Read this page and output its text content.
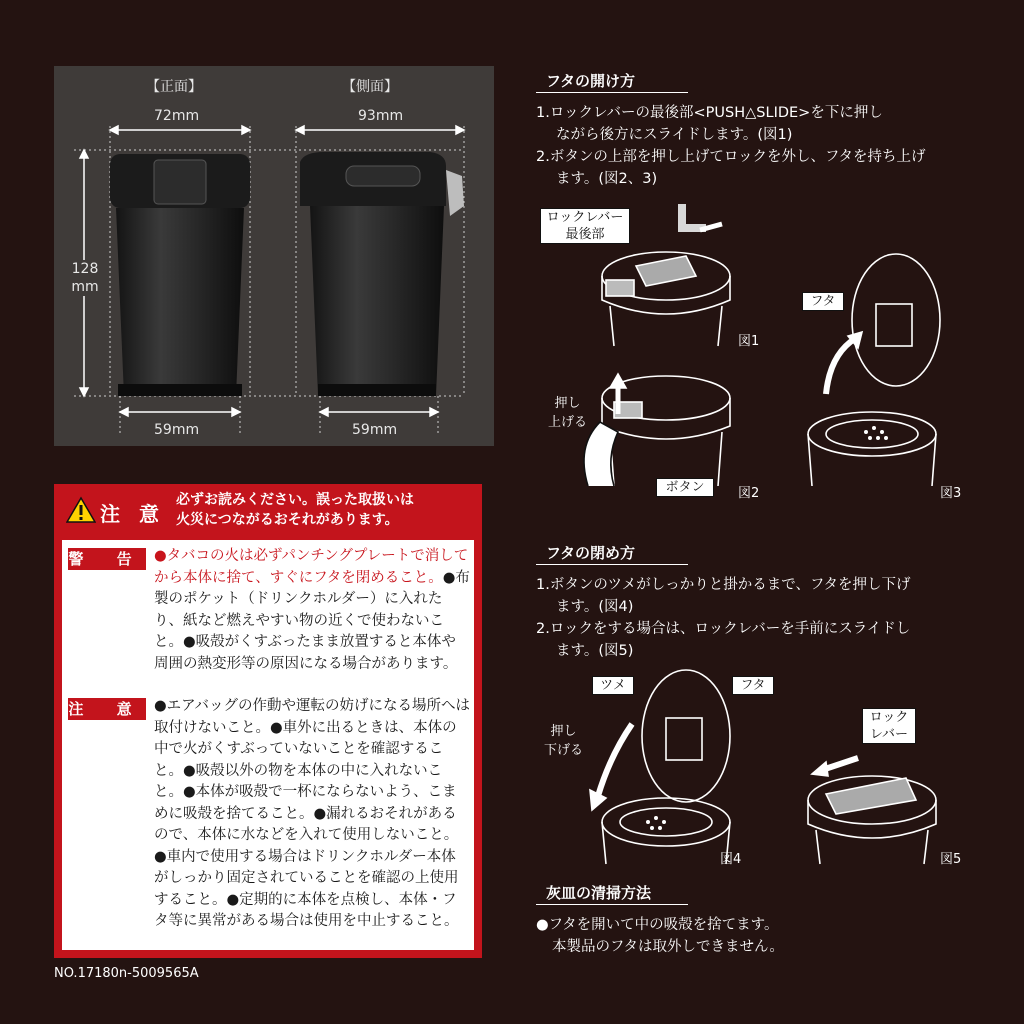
【正面】	【側面】
72mm	93mm
128
mm
59mm	59mm
注 意
必ずお読みください。誤った取扱いは
火災につながるおそれがあります。
警 告 ●タバコの火は必ずパンチングプレートで消してから本体に捨て、すぐにフタを閉めること。●布製のポケット（ドリンクホルダー）に入れたり、紙など燃えやすい物の近くで使わないこと。●吸殻がくすぶったまま放置すると本体や周囲の熱変形等の原因になる場合があります。
注 意 ●エアバッグの作動や運転の妨げになる場所へは取付けないこと。●車外に出るときは、本体の中で火がくすぶっていないことを確認すること。●吸殻以外の物を本体の中に入れないこと。●本体が吸殻で一杯にならないよう、こまめに吸殻を捨てること。●漏れるおそれがあるので、本体に水などを入れて使用しないこと。●車内で使用する場合はドリンクホルダー本体がしっかり固定されていることを確認の上使用すること。●定期的に本体を点検し、本体・フタ等に異常がある場合は使用を中止すること。
NO.17180n-5009565A
フタの開け方
1.ロックレバーの最後部<PUSH△SLIDE>を下に押し
ながら後方にスライドします。(図1)
2.ボタンの上部を押し上げてロックを外し、フタを持ち上げ
ます。(図2、3)
ロックレバー
最後部
図1
フタ
押し
上げる
ボタン	図2	図3
フタの閉め方
1.ボタンのツメがしっかりと掛かるまで、フタを押し下げ
ます。(図4)
2.ロックをする場合は、ロックレバーを手前にスライドし
ます。(図5)
ツメ	フタ
押し
下げる
ロック
レバー
図4	図5
灰皿の清掃方法
●フタを開いて中の吸殻を捨てます。
本製品のフタは取外しできません。
